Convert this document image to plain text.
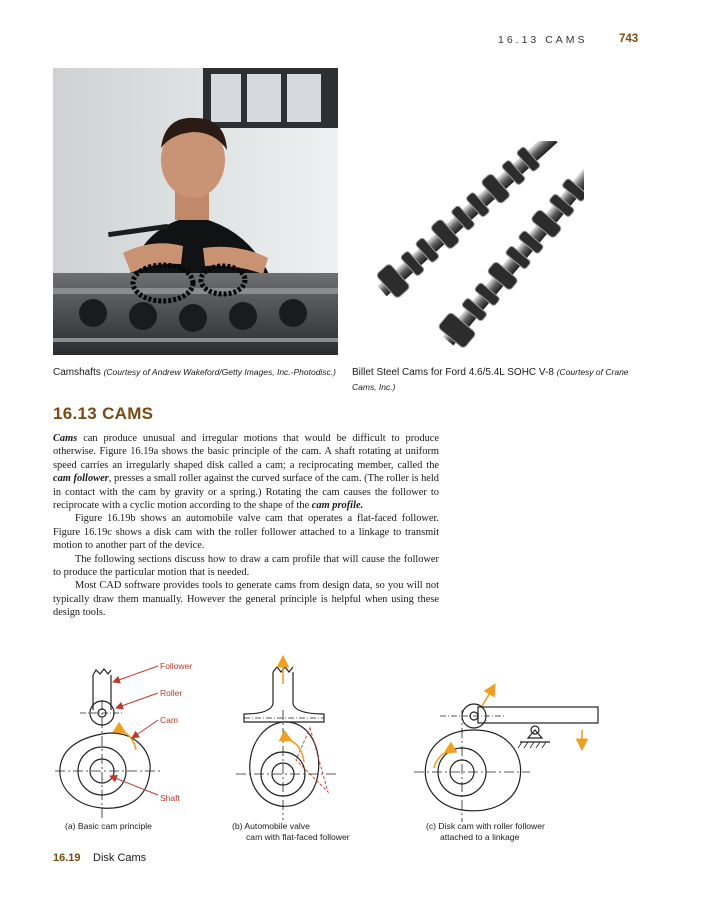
16.13 CAMS	743
Camshafts (Courtesy of Andrew Wakeford/Getty Images, Inc.-Photodisc.) Billet Steel Cams for Ford 4.6/5.4L SOHC V-8 (Courtesy of Crane Cams, Inc.)
16.13 CAMS

Cams can produce unusual and irregular motions that would be difficult to produce otherwise. Figure 16.19a shows the basic principle of the cam. A shaft rotating at uniform speed carries an irregularly shaped disk called a cam; a reciprocating member, called the cam follower, presses a small roller against the curved surface of the cam. (The roller is held in contact with the cam by gravity or a spring.) Rotating the cam causes the follower to reciprocate with a cyclic motion according to the shape of the cam profile.

Figure 16.19b shows an automobile valve cam that operates a flat-faced follower. Figure 16.19c shows a disk cam with the roller follower attached to a linkage to transmit motion to another part of the device.

The following sections discuss how to draw a cam profile that will cause the follower to produce the particular motion that is needed.

Most CAD software provides tools to generate cams from design data, so you will not typically draw them manually. However the general principle is helpful when using these design tools.

Follower
Roller
Cam
Shaft
(a) Basic cam principle	(b) Automobile valve
cam with flat-faced follower
(c) Disk cam with roller follower
attached to a linkage
16.19 Disk Cams
